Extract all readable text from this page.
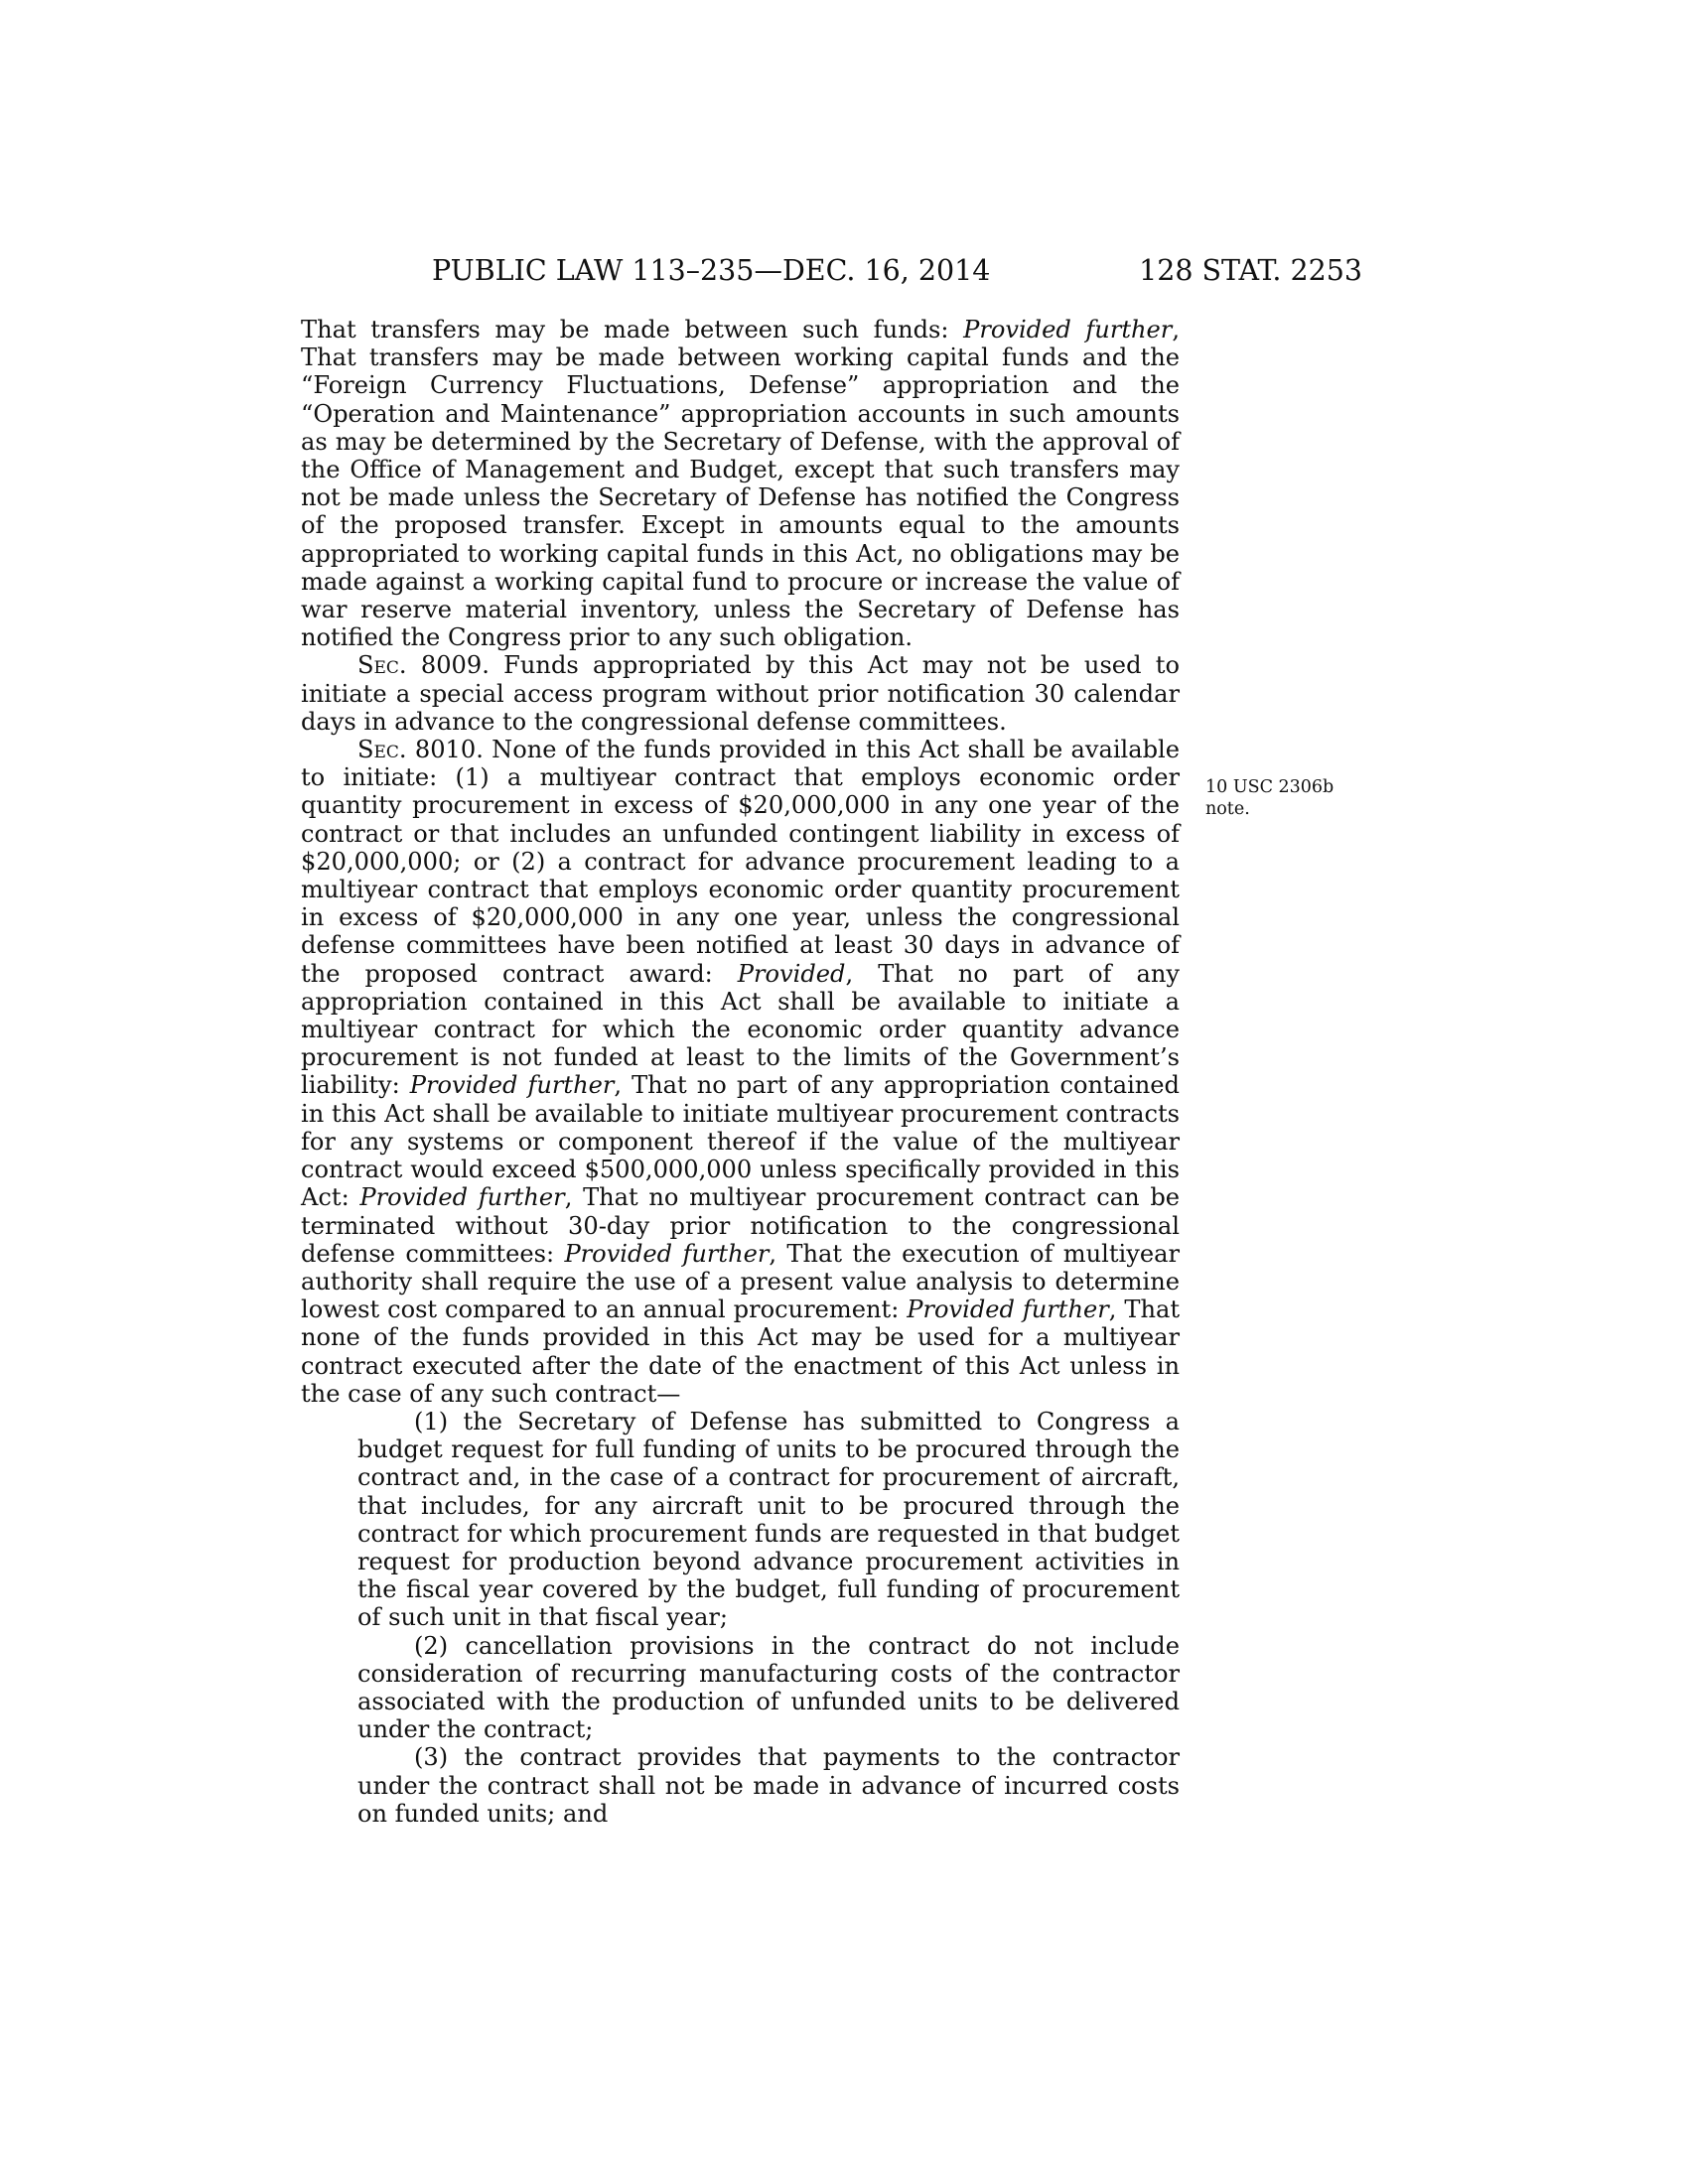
PUBLIC LAW 113–235—DEC. 16, 2014	128 STAT. 2253

That transfers may be made between such funds: Provided further, That transfers may be made between working capital funds and the “Foreign Currency Fluctuations, Defense” appropriation and the “Operation and Maintenance” appropriation accounts in such amounts as may be determined by the Secretary of Defense, with the approval of the Office of Management and Budget, except that such transfers may not be made unless the Secretary of Defense has notified the Congress of the proposed transfer. Except in amounts equal to the amounts appropriated to working capital funds in this Act, no obligations may be made against a working capital fund to procure or increase the value of war reserve material inventory, unless the Secretary of Defense has notified the Congress prior to any such obligation.

Sec. 8009. Funds appropriated by this Act may not be used to initiate a special access program without prior notification 30 calendar days in advance to the congressional defense committees.

Sec. 8010. None of the funds provided in this Act shall be available to initiate: (1) a multiyear contract that employs economic order quantity procurement in excess of $20,000,000 in any one year of the contract or that includes an unfunded contingent liability in excess of $20,000,000; or (2) a contract for advance procurement leading to a multiyear contract that employs economic order quantity procurement in excess of $20,000,000 in any one year, unless the congressional defense committees have been notified at least 30 days in advance of the proposed contract award: Provided, That no part of any appropriation contained in this Act shall be available to initiate a multiyear contract for which the economic order quantity advance procurement is not funded at least to the limits of the Government’s liability: Provided further, That no part of any appropriation contained in this Act shall be available to initiate multiyear procurement contracts for any systems or component thereof if the value of the multiyear contract would exceed $500,000,000 unless specifically provided in this Act: Provided further, That no multiyear procurement contract can be terminated without 30-day prior notification to the congressional defense committees: Provided further, That the execution of multiyear authority shall require the use of a present value analysis to determine lowest cost compared to an annual procurement: Provided further, That none of the funds provided in this Act may be used for a multiyear contract executed after the date of the enactment of this Act unless in the case of any such contract—

(1) the Secretary of Defense has submitted to Congress a budget request for full funding of units to be procured through the contract and, in the case of a contract for procurement of aircraft, that includes, for any aircraft unit to be procured through the contract for which procurement funds are requested in that budget request for production beyond advance procurement activities in the fiscal year covered by the budget, full funding of procurement of such unit in that fiscal year;

(2) cancellation provisions in the contract do not include consideration of recurring manufacturing costs of the contractor associated with the production of unfunded units to be delivered under the contract;

(3) the contract provides that payments to the contractor under the contract shall not be made in advance of incurred costs on funded units; and

10 USC 2306b
note.
